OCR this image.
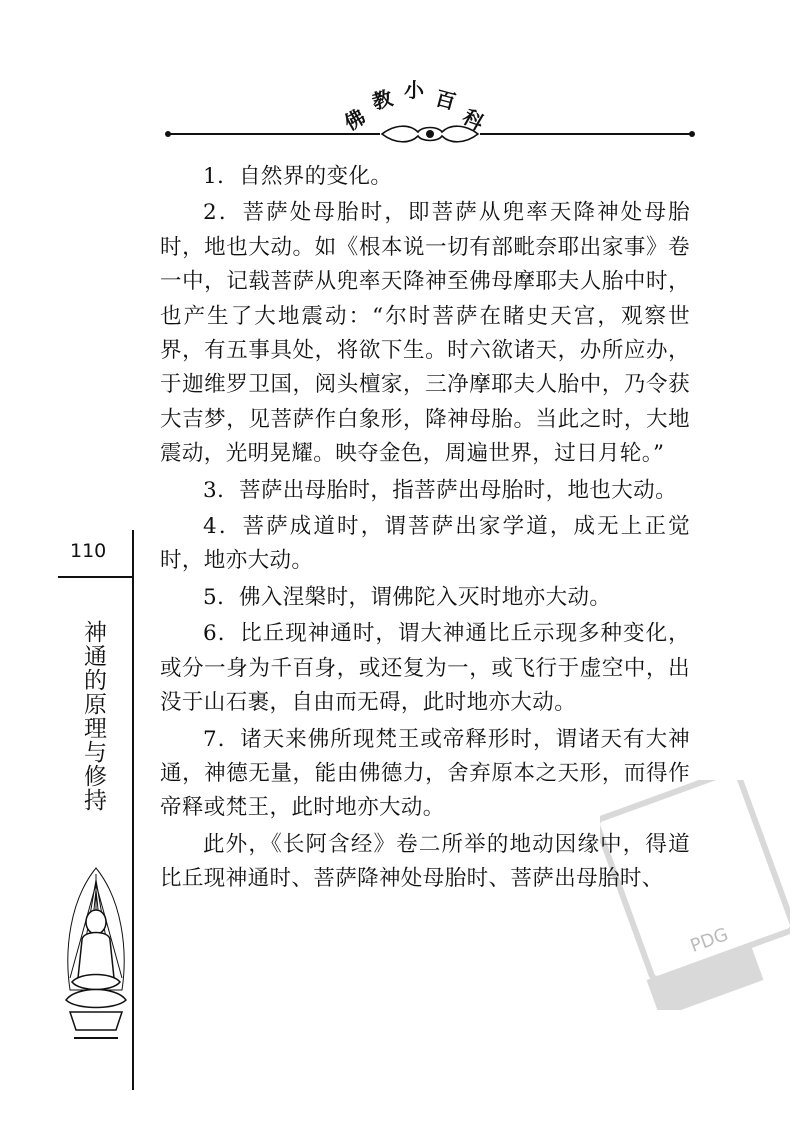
佛
教 小 百
科

1．自然界的变化。

2．菩萨处母胎时，即菩萨从兜率天降神处母胎时，地也大动。如《根本说一切有部毗奈耶出家事》卷一中，记载菩萨从兜率天降神至佛母摩耶夫人胎中时，也产生了大地震动：“尔时菩萨在睹史天宫，观察世界，有五事具处，将欲下生。时六欲诸天，办所应办，于迦维罗卫国，阅头檀家，三净摩耶夫人胎中，乃令获大吉梦，见菩萨作白象形，降神母胎。当此之时，大地震动，光明晃耀。映夺金色，周遍世界，过日月轮。”

3．菩萨出母胎时，指菩萨出母胎时，地也大动。

4．菩萨成道时，谓菩萨出家学道，成无上正觉时，地亦大动。

5．佛入涅槃时，谓佛陀入灭时地亦大动。

6．比丘现神通时，谓大神通比丘示现多种变化，或分一身为千百身，或还复为一，或飞行于虚空中，出没于山石裹，自由而无碍，此时地亦大动。

7．诸天来佛所现梵王或帝释形时，谓诸天有大神通，神德无量，能由佛德力，舍弃原本之天形，而得作帝释或梵王，此时地亦大动。

此外，《长阿含经》卷二所举的地动因缘中，得道比丘现神通时、菩萨降神处母胎时、菩萨出母胎时、

110
神通的原理与修持
PDG
